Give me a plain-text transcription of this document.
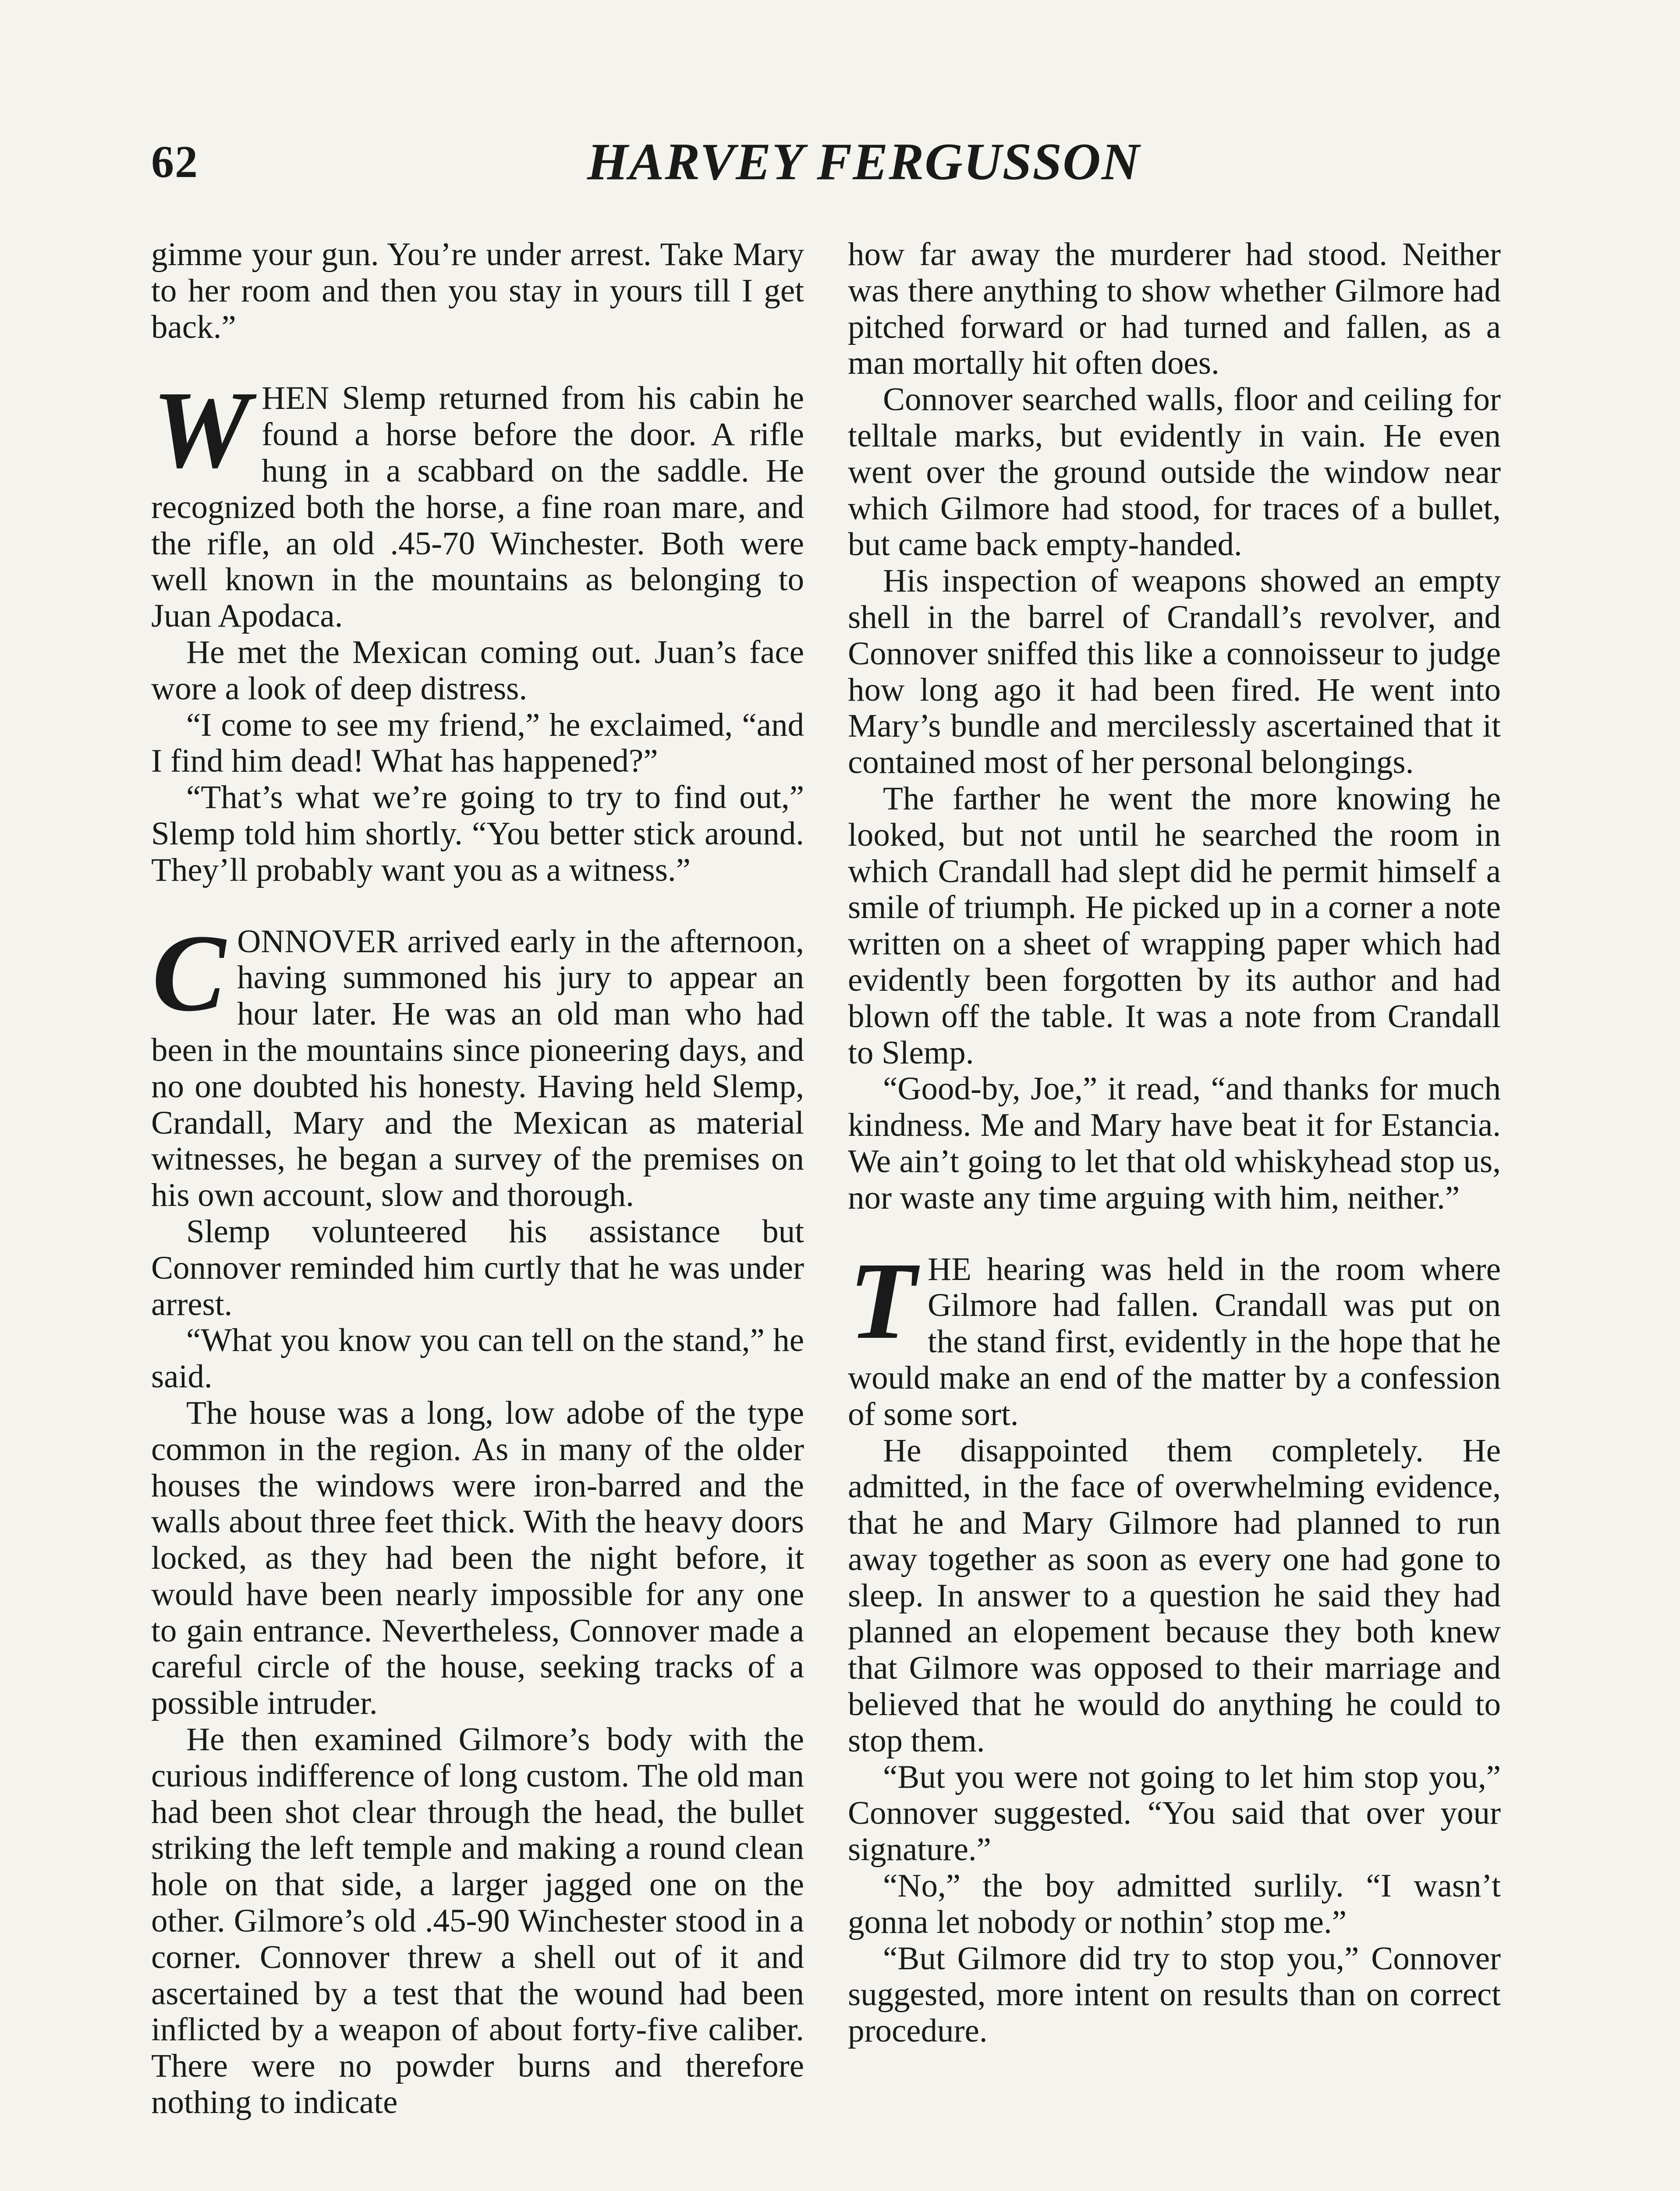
62	HARVEY FERGUSSON

gimme your gun. You’re under arrest. Take Mary to her room and then you stay in yours till I get back.”

WHEN Slemp returned from his cabin he found a horse before the door. A rifle hung in a scabbard on the saddle. He recognized both the horse, a fine roan mare, and the rifle, an old .45-70 Winchester. Both were well known in the mountains as belonging to Juan Apodaca.

He met the Mexican coming out. Juan’s face wore a look of deep distress.

“I come to see my friend,” he exclaimed, “and I find him dead! What has happened?”

“That’s what we’re going to try to find out,” Slemp told him shortly. “You better stick around. They’ll probably want you as a witness.”

CONNOVER arrived early in the afternoon, having summoned his jury to appear an hour later. He was an old man who had been in the mountains since pioneering days, and no one doubted his honesty. Having held Slemp, Crandall, Mary and the Mexican as material witnesses, he began a survey of the premises on his own account, slow and thorough.

Slemp volunteered his assistance but Connover reminded him curtly that he was under arrest.

“What you know you can tell on the stand,” he said.

The house was a long, low adobe of the type common in the region. As in many of the older houses the windows were iron-barred and the walls about three feet thick. With the heavy doors locked, as they had been the night before, it would have been nearly impossible for any one to gain entrance. Nevertheless, Connover made a careful circle of the house, seeking tracks of a possible intruder.

He then examined Gilmore’s body with the curious indifference of long custom. The old man had been shot clear through the head, the bullet striking the left temple and making a round clean hole on that side, a larger jagged one on the other. Gilmore’s old .45-90 Winchester stood in a corner. Connover threw a shell out of it and ascertained by a test that the wound had been inflicted by a weapon of about forty-five caliber. There were no powder burns and therefore nothing to indicate

how far away the murderer had stood. Neither was there anything to show whether Gilmore had pitched forward or had turned and fallen, as a man mortally hit often does.

Connover searched walls, floor and ceiling for telltale marks, but evidently in vain. He even went over the ground outside the window near which Gilmore had stood, for traces of a bullet, but came back empty-handed.

His inspection of weapons showed an empty shell in the barrel of Crandall’s revolver, and Connover sniffed this like a connoisseur to judge how long ago it had been fired. He went into Mary’s bundle and mercilessly ascertained that it contained most of her personal belongings.

The farther he went the more knowing he looked, but not until he searched the room in which Crandall had slept did he permit himself a smile of triumph. He picked up in a corner a note written on a sheet of wrapping paper which had evidently been forgotten by its author and had blown off the table. It was a note from Crandall to Slemp.

“Good-by, Joe,” it read, “and thanks for much kindness. Me and Mary have beat it for Estancia. We ain’t going to let that old whiskyhead stop us, nor waste any time arguing with him, neither.”

THE hearing was held in the room where Gilmore had fallen. Crandall was put on the stand first, evidently in the hope that he would make an end of the matter by a confession of some sort.

He disappointed them completely. He admitted, in the face of overwhelming evidence, that he and Mary Gilmore had planned to run away together as soon as every one had gone to sleep. In answer to a question he said they had planned an elopement because they both knew that Gilmore was opposed to their marriage and believed that he would do anything he could to stop them.

“But you were not going to let him stop you,” Connover suggested. “You said that over your signature.”

“No,” the boy admitted surlily. “I wasn’t gonna let nobody or nothin’ stop me.”

“But Gilmore did try to stop you,” Connover suggested, more intent on results than on correct procedure.
